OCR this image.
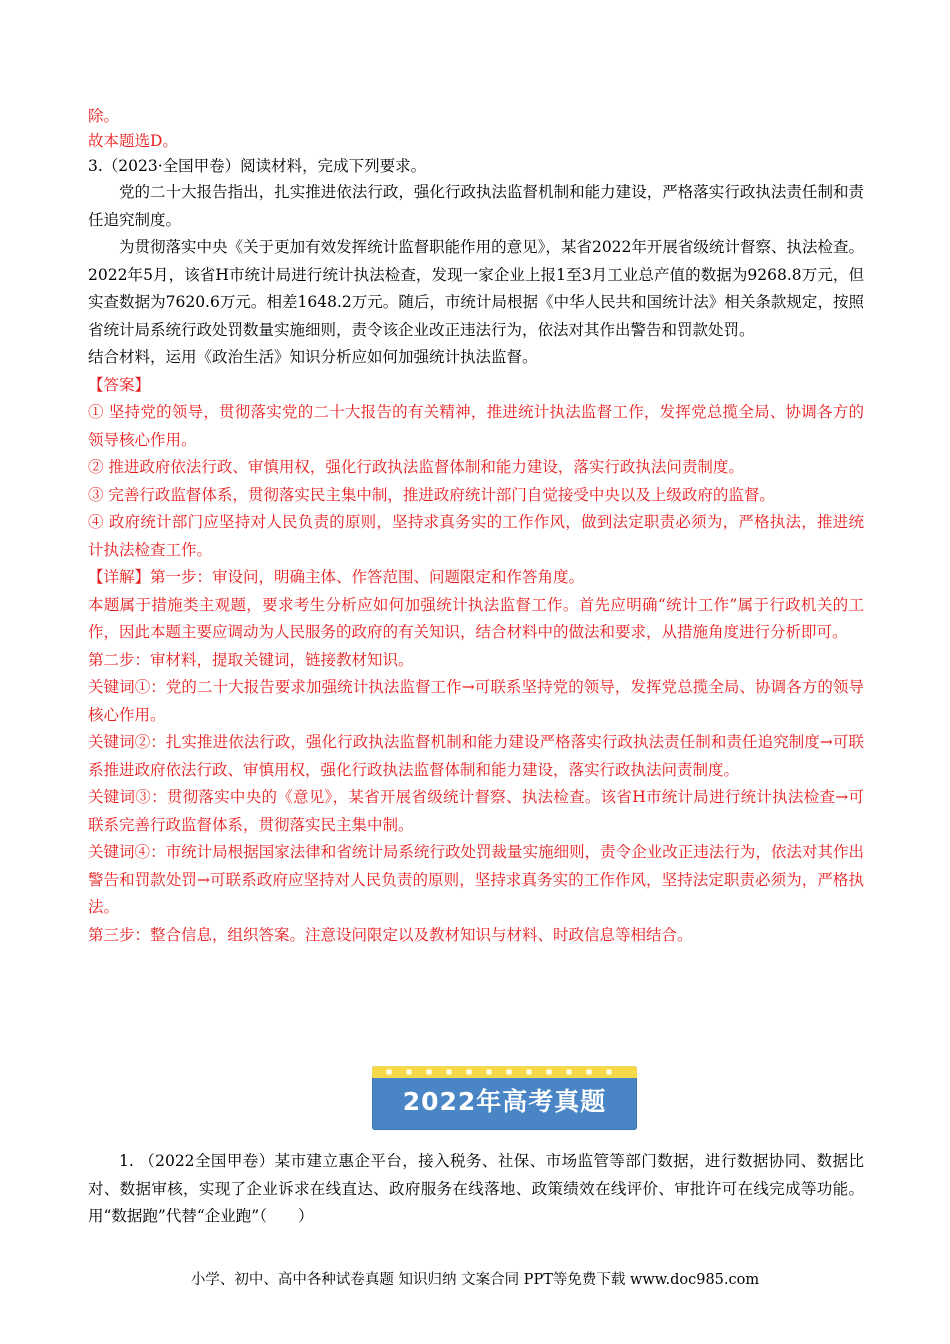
除。

故本题选D。

3.（2023·全国甲卷）阅读材料，完成下列要求。

党的二十大报告指出，扎实推进依法行政，强化行政执法监督机制和能力建设，严格落实行政执法责任制和责任追究制度。

为贯彻落实中央《关于更加有效发挥统计监督职能作用的意见》，某省2022年开展省级统计督察、执法检查。2022年5月，该省H市统计局进行统计执法检查，发现一家企业上报1至3月工业总产值的数据为9268.8万元，但实查数据为7620.6万元。相差1648.2万元。随后，市统计局根据《中华人民共和国统计法》相关条款规定，按照省统计局系统行政处罚数量实施细则，责令该企业改正违法行为，依法对其作出警告和罚款处罚。

结合材料，运用《政治生活》知识分析应如何加强统计执法监督。

【答案】

① 坚持党的领导，贯彻落实党的二十大报告的有关精神，推进统计执法监督工作，发挥党总揽全局、协调各方的领导核心作用。

② 推进政府依法行政、审慎用权，强化行政执法监督体制和能力建设，落实行政执法问责制度。

③ 完善行政监督体系，贯彻落实民主集中制，推进政府统计部门自觉接受中央以及上级政府的监督。

④ 政府统计部门应坚持对人民负责的原则，坚持求真务实的工作作风，做到法定职责必须为，严格执法，推进统计执法检查工作。

【详解】第一步：审设问，明确主体、作答范围、问题限定和作答角度。

本题属于措施类主观题，要求考生分析应如何加强统计执法监督工作。首先应明确“统计工作”属于行政机关的工作，因此本题主要应调动为人民服务的政府的有关知识，结合材料中的做法和要求，从措施角度进行分析即可。

第二步：审材料，提取关键词，链接教材知识。

关键词①：党的二十大报告要求加强统计执法监督工作→可联系坚持党的领导，发挥党总揽全局、协调各方的领导核心作用。

关键词②：扎实推进依法行政，强化行政执法监督机制和能力建设严格落实行政执法责任制和责任追究制度→可联系推进政府依法行政、审慎用权，强化行政执法监督体制和能力建设，落实行政执法问责制度。

关键词③：贯彻落实中央的《意见》，某省开展省级统计督察、执法检查。该省H市统计局进行统计执法检查→可联系完善行政监督体系，贯彻落实民主集中制。

关键词④：市统计局根据国家法律和省统计局系统行政处罚裁量实施细则，责令企业改正违法行为，依法对其作出警告和罚款处罚→可联系政府应坚持对人民负责的原则，坚持求真务实的工作作风，坚持法定职责必须为，严格执法。

第三步：整合信息，组织答案。注意设问限定以及教材知识与材料、时政信息等相结合。

2022年高考真题

1. （2022全国甲卷）某市建立惠企平台，接入税务、社保、市场监管等部门数据，进行数据协同、数据比对、数据审核，实现了企业诉求在线直达、政府服务在线落地、政策绩效在线评价、审批许可在线完成等功能。用“数据跑”代替“企业跑”（　　）

小学、初中、高中各种试卷真题 知识归纳 文案合同 PPT等免费下载 www.doc985.com
